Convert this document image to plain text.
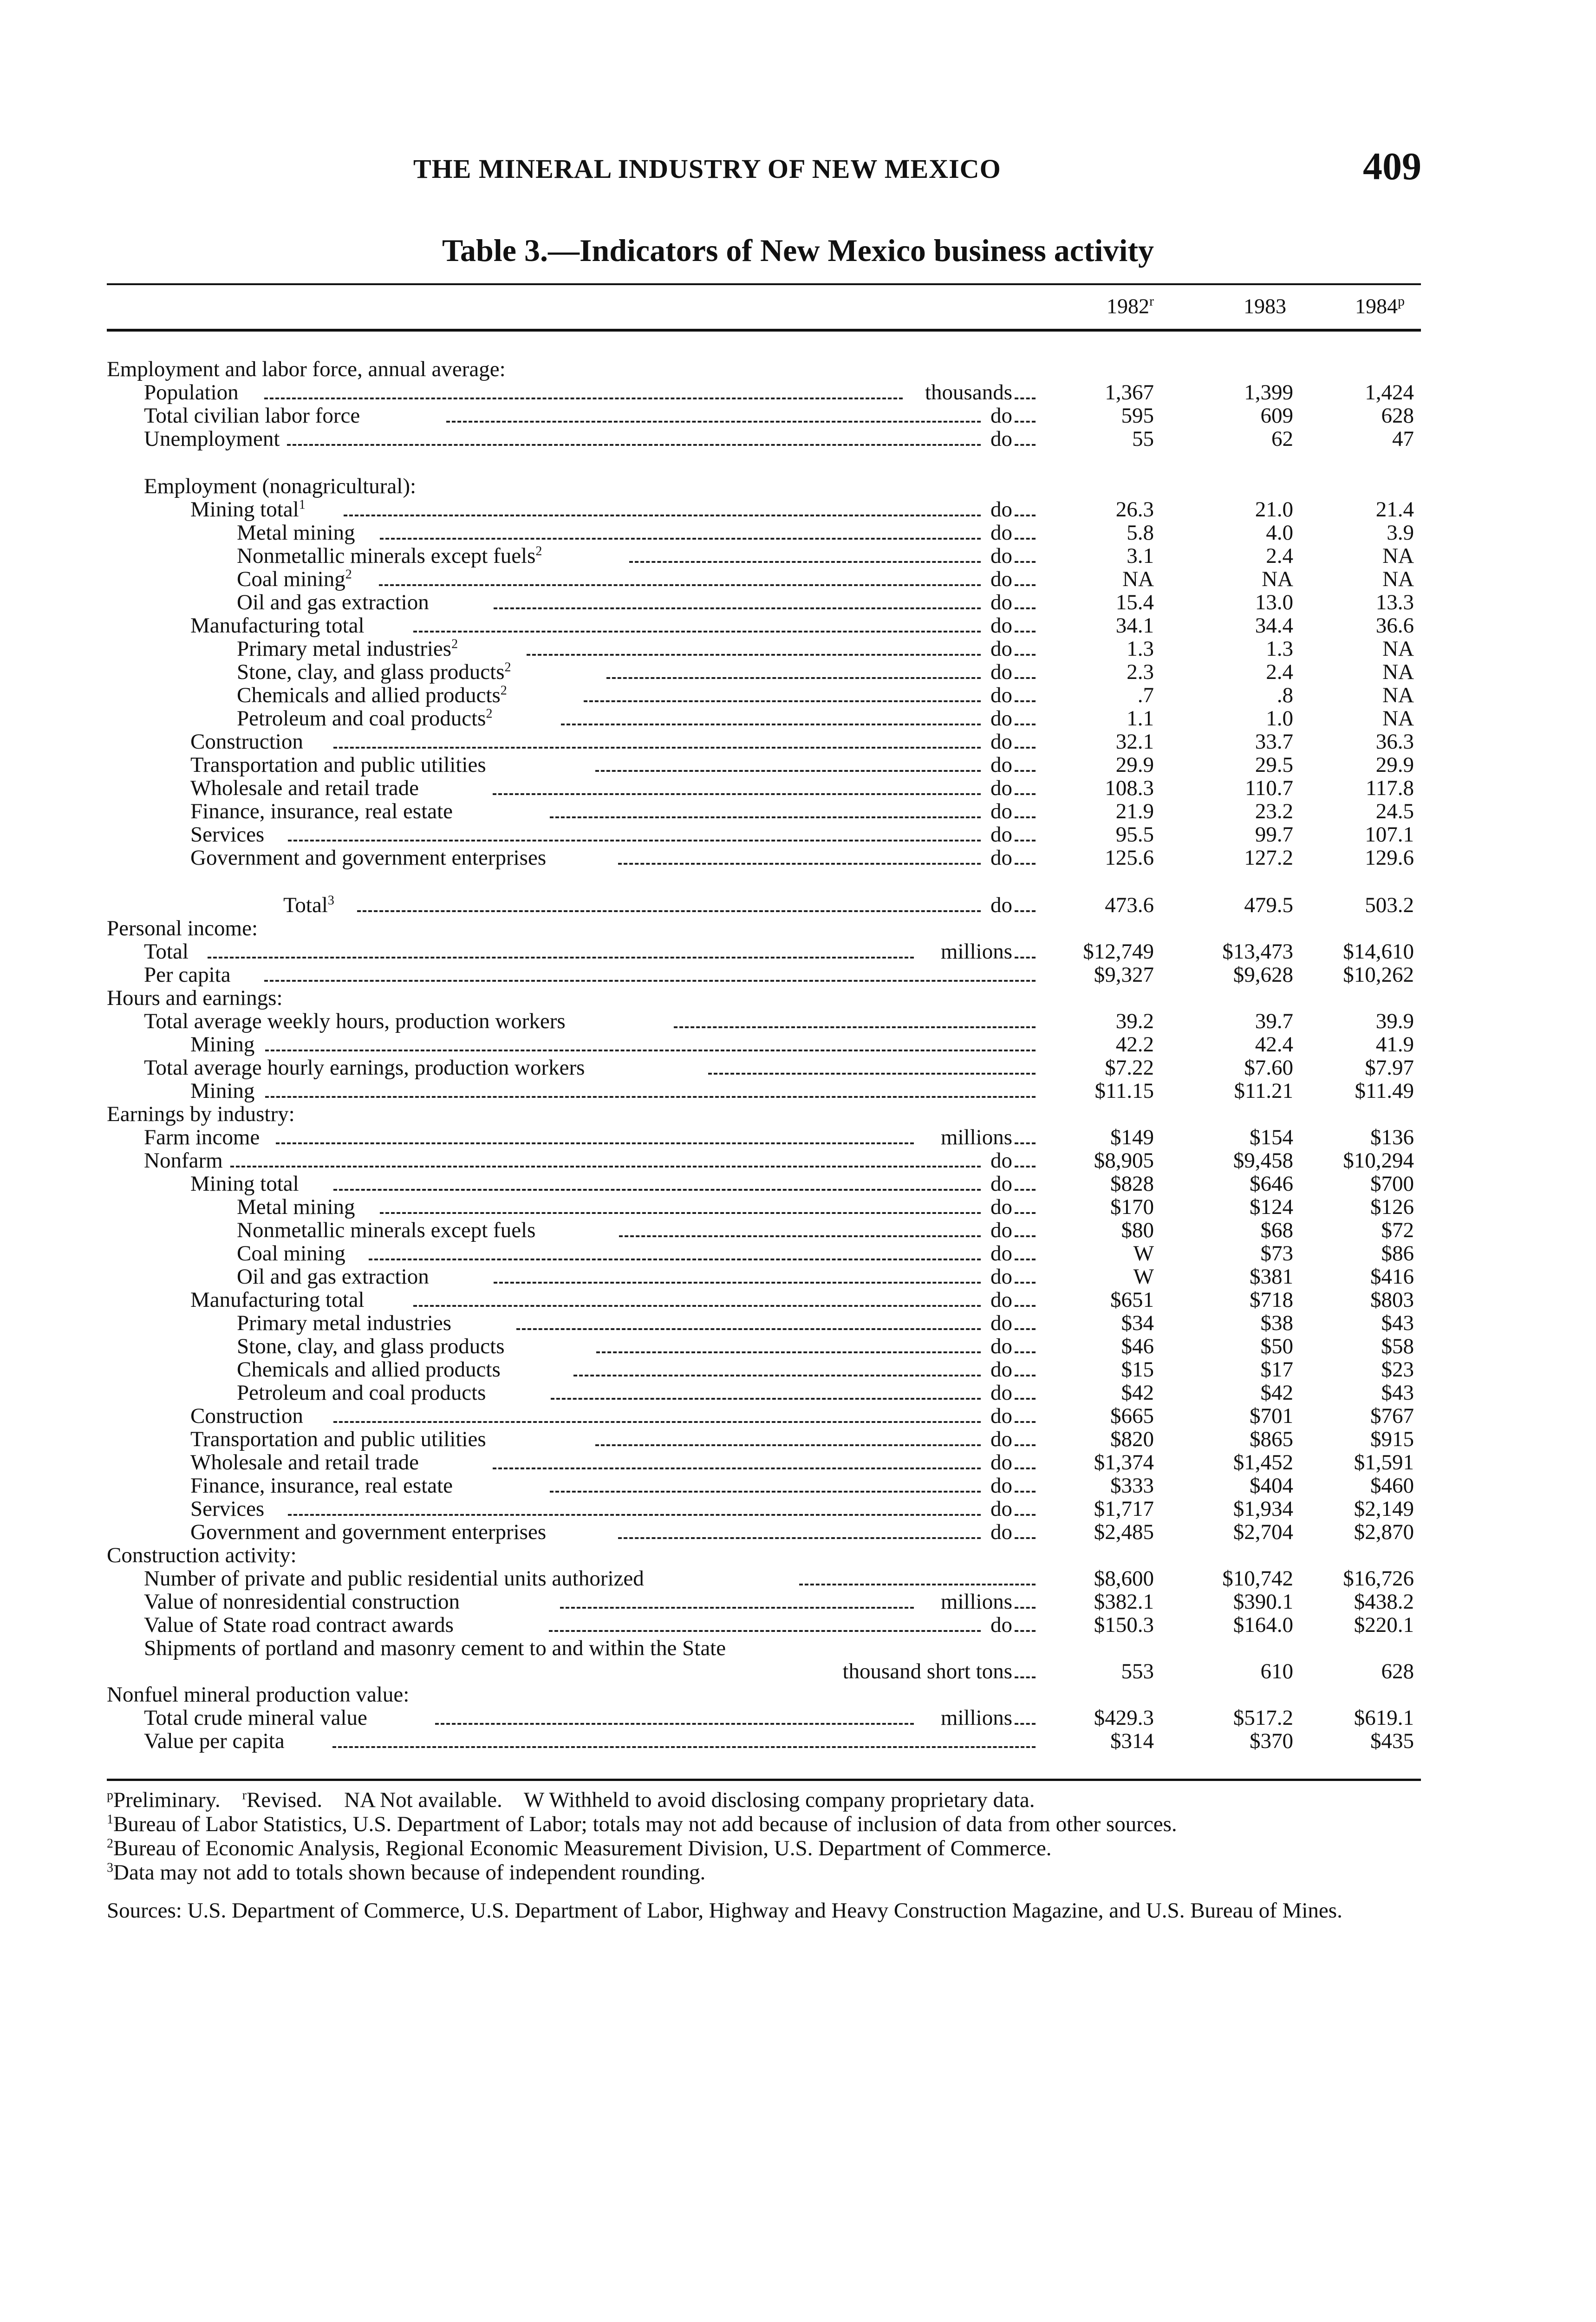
THE MINERAL INDUSTRY OF NEW MEXICO	409
Table 3.—Indicators of New Mexico business activity
1982$^r$	1983	1984$^p$
Employment and labor force, annual average:
Population	thousands	1,367	1,399	1,424
Total civilian labor force	do	595	609	628
Unemployment	do	55	62	47
Employment (nonagricultural):
Mining total$^1$	do	26.3	21.0	21.4
Metal mining	do	5.8	4.0	3.9
Nonmetallic minerals except fuels$^2$	do	3.1	2.4	NA
Coal mining$^2$	do	NA	NA	NA
Oil and gas extraction	do	15.4	13.0	13.3
Manufacturing total	do	34.1	34.4	36.6
Primary metal industries$^2$	do	1.3	1.3	NA
Stone, clay, and glass products$^2$	do	2.3	2.4	NA
Chemicals and allied products$^2$	do	.7	.8	NA
Petroleum and coal products$^2$	do	1.1	1.0	NA
Construction	do	32.1	33.7	36.3
Transportation and public utilities	do	29.9	29.5	29.9
Wholesale and retail trade	do	108.3	110.7	117.8
Finance, insurance, real estate	do	21.9	23.2	24.5
Services	do	95.5	99.7	107.1
Government and government enterprises	do	125.6	127.2	129.6
Total$^3$	do	473.6	479.5	503.2
Personal income:
Total	millions	$12,749	$13,473	$14,610
Per capita	$9,327	$9,628	$10,262
Hours and earnings:
Total average weekly hours, production workers	39.2	39.7	39.9
Mining	42.2	42.4	41.9
Total average hourly earnings, production workers	$7.22	$7.60	$7.97
Mining	$11.15	$11.21	$11.49
Earnings by industry:
Farm income	millions	$149	$154	$136
Nonfarm	do	$8,905	$9,458	$10,294
Mining total	do	$828	$646	$700
Metal mining	do	$170	$124	$126
Nonmetallic minerals except fuels	do	$80	$68	$72
Coal mining	do	W	$73	$86
Oil and gas extraction	do	W	$381	$416
Manufacturing total	do	$651	$718	$803
Primary metal industries	do	$34	$38	$43
Stone, clay, and glass products	do	$46	$50	$58
Chemicals and allied products	do	$15	$17	$23
Petroleum and coal products	do	$42	$42	$43
Construction	do	$665	$701	$767
Transportation and public utilities	do	$820	$865	$915
Wholesale and retail trade	do	$1,374	$1,452	$1,591
Finance, insurance, real estate	do	$333	$404	$460
Services	do	$1,717	$1,934	$2,149
Government and government enterprises	do	$2,485	$2,704	$2,870
Construction activity:
Number of private and public residential units authorized	$8,600	$10,742	$16,726
Value of nonresidential construction	millions	$382.1	$390.1	$438.2
Value of State road contract awards	do	$150.3	$164.0	$220.1
Shipments of portland and masonry cement to and within the State
thousand short tons	553	610	628
Nonfuel mineral production value:
Total crude mineral value	millions	$429.3	$517.2	$619.1
Value per capita	$314	$370	$435
$^p$Preliminary. $^r$Revised. NA Not available. W Withheld to avoid disclosing company proprietary data.
$^1$Bureau of Labor Statistics, U.S. Department of Labor; totals may not add because of inclusion of data from other sources.
$^2$Bureau of Economic Analysis, Regional Economic Measurement Division, U.S. Department of Commerce.
$^3$Data may not add to totals shown because of independent rounding.
Sources: U.S. Department of Commerce, U.S. Department of Labor, Highway and Heavy Construction Magazine, and U.S. Bureau of Mines.
